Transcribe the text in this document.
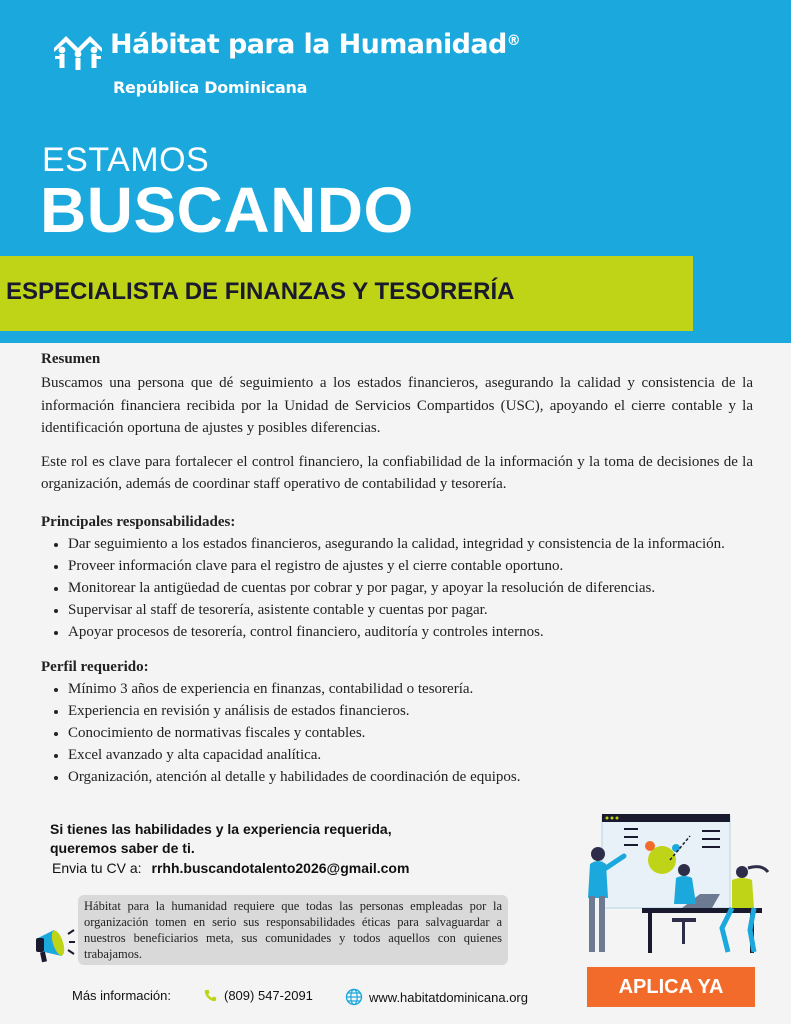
Hábitat para la Humanidad®
República Dominicana
ESTAMOS
BUSCANDO
ESPECIALISTA DE FINANZAS Y TESORERÍA
Resumen

Buscamos una persona que dé seguimiento a los estados financieros, asegurando la calidad y consistencia de la información financiera recibida por la Unidad de Servicios Compartidos (USC), apoyando el cierre contable y la identificación oportuna de ajustes y posibles diferencias.

Este rol es clave para fortalecer el control financiero, la confiabilidad de la información y la toma de decisiones de la organización, además de coordinar staff operativo de contabilidad y tesorería.

Principales responsabilidades:
• Dar seguimiento a los estados financieros, asegurando la calidad, integridad y consistencia de la información.
• Proveer información clave para el registro de ajustes y el cierre contable oportuno.
• Monitorear la antigüedad de cuentas por cobrar y por pagar, y apoyar la resolución de diferencias.
• Supervisar al staff de tesorería, asistente contable y cuentas por pagar.
• Apoyar procesos de tesorería, control financiero, auditoría y controles internos.
Perfil requerido:
• Mínimo 3 años de experiencia en finanzas, contabilidad o tesorería.
• Experiencia en revisión y análisis de estados financieros.
• Conocimiento de normativas fiscales y contables.
• Excel avanzado y alta capacidad analítica.
• Organización, atención al detalle y habilidades de coordinación de equipos.
Si tienes las habilidades y la experiencia requerida,
queremos saber de ti.
Envia tu CV a: rrhh.buscandotalento2026@gmail.com
Hábitat para la humanidad requiere que todas las personas empleadas por la organización tomen en serio sus responsabilidades éticas para salvaguardar a nuestros beneficiarios meta, sus comunidades y todos aquellos con quienes trabajamos.
Más información:	(809) 547-2091	www.habitatdominicana.org	APLICA YA
